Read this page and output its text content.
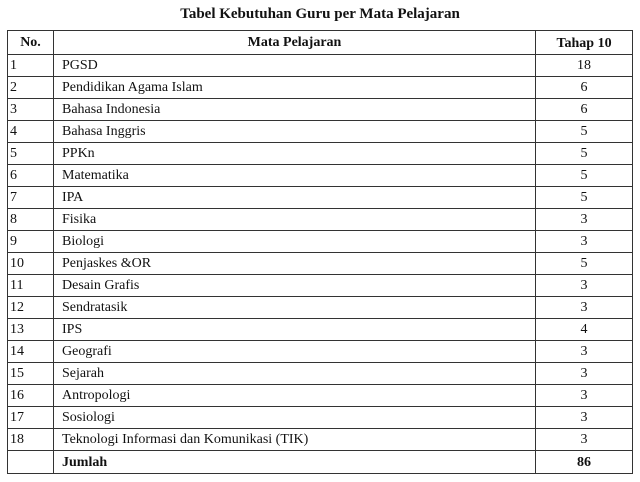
Tabel Kebutuhan Guru per Mata Pelajaran
No.	Mata Pelajaran	Tahap 10
1	PGSD	18
2	Pendidikan Agama Islam	6
3	Bahasa Indonesia	6
4	Bahasa Inggris	5
5	PPKn	5
6	Matematika	5
7	IPA	5
8	Fisika	3
9	Biologi	3
10	Penjaskes &OR	5
11	Desain Grafis	3
12	Sendratasik	3
13	IPS	4
14	Geografi	3
15	Sejarah	3
16	Antropologi	3
17	Sosiologi	3
18	Teknologi Informasi dan Komunikasi (TIK)	3
	Jumlah	86
